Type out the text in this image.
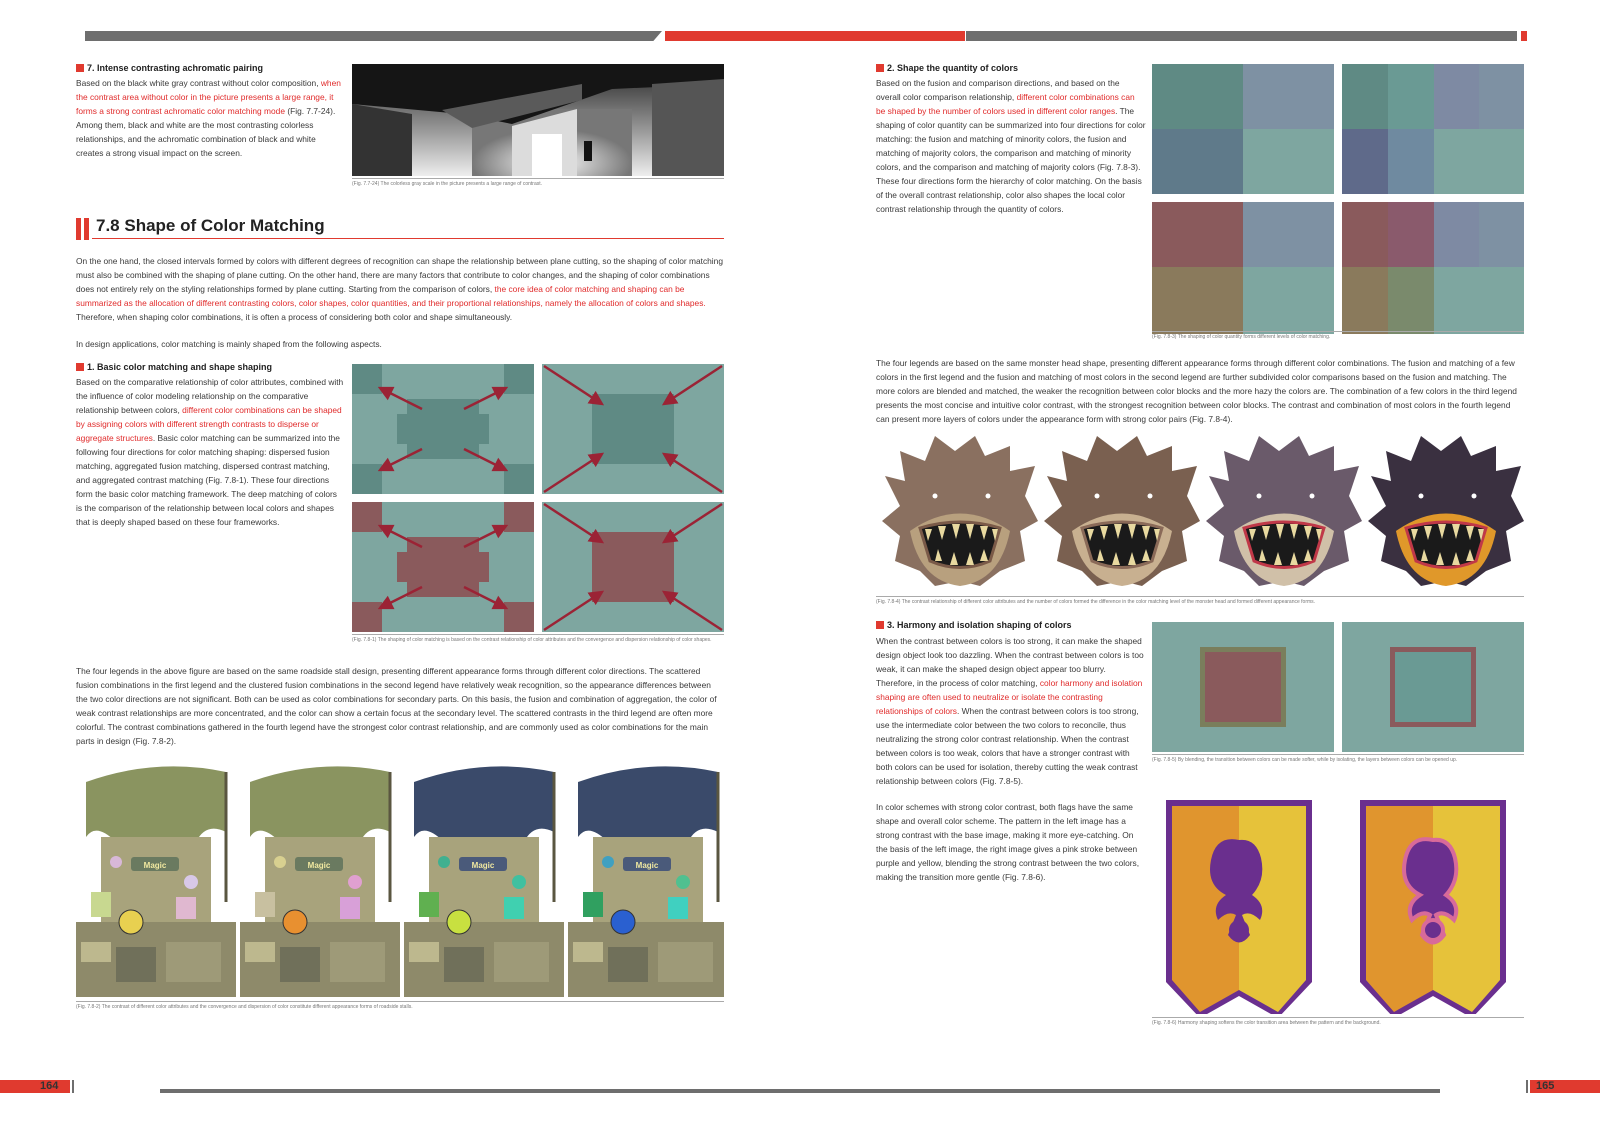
7. Intense contrasting achromatic pairing
Based on the black white gray contrast without color composition, when the contrast area without color in the picture presents a large range, it forms a strong contrast achromatic color matching mode (Fig. 7.7-24). Among them, black and white are the most contrasting colorless relationships, and the achromatic combination of black and white creates a strong visual impact on the screen.
(Fig. 7.7-24) The colorless gray scale in the picture presents a large range of contrast.
7.8 Shape of Color Matching
On the one hand, the closed intervals formed by colors with different degrees of recognition can shape the relationship between plane cutting, so the shaping of color matching must also be combined with the shaping of plane cutting. On the other hand, there are many factors that contribute to color changes, and the shaping of color combinations does not entirely rely on the styling relationships formed by plane cutting. Starting from the comparison of colors, the core idea of color matching and shaping can be summarized as the allocation of different contrasting colors, color shapes, color quantities, and their proportional relationships, namely the allocation of colors and shapes. Therefore, when shaping color combinations, it is often a process of considering both color and shape simultaneously.
In design applications, color matching is mainly shaped from the following aspects.
1. Basic color matching and shape shaping
Based on the comparative relationship of color attributes, combined with the influence of color modeling relationship on the comparative relationship between colors, different color combinations can be shaped by assigning colors with different strength contrasts to disperse or aggregate structures. Basic color matching can be summarized into the following four directions for color matching shaping: dispersed fusion matching, aggregated fusion matching, dispersed contrast matching, and aggregated contrast matching (Fig. 7.8-1). These four directions form the basic color matching framework. The deep matching of colors is the comparison of the relationship between local colors and shapes that is deeply shaped based on these four frameworks.
(Fig. 7.8-1) The shaping of color matching is based on the contrast relationship of color attributes and the convergence and dispersion relationship of color shapes.
The four legends in the above figure are based on the same roadside stall design, presenting different appearance forms through different color directions. The scattered fusion combinations in the first legend and the clustered fusion combinations in the second legend have relatively weak recognition, so the appearance differences between the two color directions are not significant. Both can be used as color combinations for secondary parts. On this basis, the fusion and combination of aggregation, the color of weak contrast relationships are more concentrated, and the color can show a certain focus at the secondary level. The scattered contrasts in the third legend are often more colorful. The contrast combinations gathered in the fourth legend have the strongest color contrast relationship, and are commonly used as color combinations for the main parts in design (Fig. 7.8-2).
Magic	Magic	Magic	Magic
(Fig. 7.8-2) The contrast of different color attributes and the convergence and dispersion of color constitute different appearance forms of roadside stalls.
164
2. Shape the quantity of colors
Based on the fusion and comparison directions, and based on the overall color comparison relationship, different color combinations can be shaped by the number of colors used in different color ranges. The shaping of color quantity can be summarized into four directions for color matching: the fusion and matching of minority colors, the fusion and matching of majority colors, the comparison and matching of minority colors, and the comparison and matching of majority colors (Fig. 7.8-3). These four directions form the hierarchy of color matching. On the basis of the overall contrast relationship, color also shapes the local color contrast relationship through the quantity of colors.
(Fig. 7.8-3) The shaping of color quantity forms different levels of color matching.
The four legends are based on the same monster head shape, presenting different appearance forms through different color combinations. The fusion and matching of a few colors in the first legend and the fusion and matching of most colors in the second legend are further subdivided color comparisons based on the fusion and matching. The more colors are blended and matched, the weaker the recognition between color blocks and the more hazy the colors are. The combination of a few colors in the third legend presents the most concise and intuitive color contrast, with the strongest recognition between color blocks. The contrast and combination of most colors in the fourth legend can present more layers of colors under the appearance form with strong color pairs (Fig. 7.8-4).
(Fig. 7.8-4) The contrast relationship of different color attributes and the number of colors formed the difference in the color matching level of the monster head and formed different appearance forms.
3. Harmony and isolation shaping of colors
When the contrast between colors is too strong, it can make the shaped design object look too dazzling. When the contrast between colors is too weak, it can make the shaped design object appear too blurry. Therefore, in the process of color matching, color harmony and isolation shaping are often used to neutralize or isolate the contrasting relationships of colors. When the contrast between colors is too strong, use the intermediate color between the two colors to reconcile, thus neutralizing the strong color contrast relationship. When the contrast between colors is too weak, colors that have a stronger contrast with both colors can be used for isolation, thereby cutting the weak contrast relationship between colors (Fig. 7.8-5).
(Fig. 7.8-5) By blending, the transition between colors can be made softer, while by isolating, the layers between colors can be opened up.
In color schemes with strong color contrast, both flags have the same shape and overall color scheme. The pattern in the left image has a strong contrast with the base image, making it more eye-catching. On the basis of the left image, the right image gives a pink stroke between purple and yellow, blending the strong contrast between the two colors, making the transition more gentle (Fig. 7.8-6).
(Fig. 7.8-6) Harmony shaping softens the color transition area between the pattern and the background.
165
